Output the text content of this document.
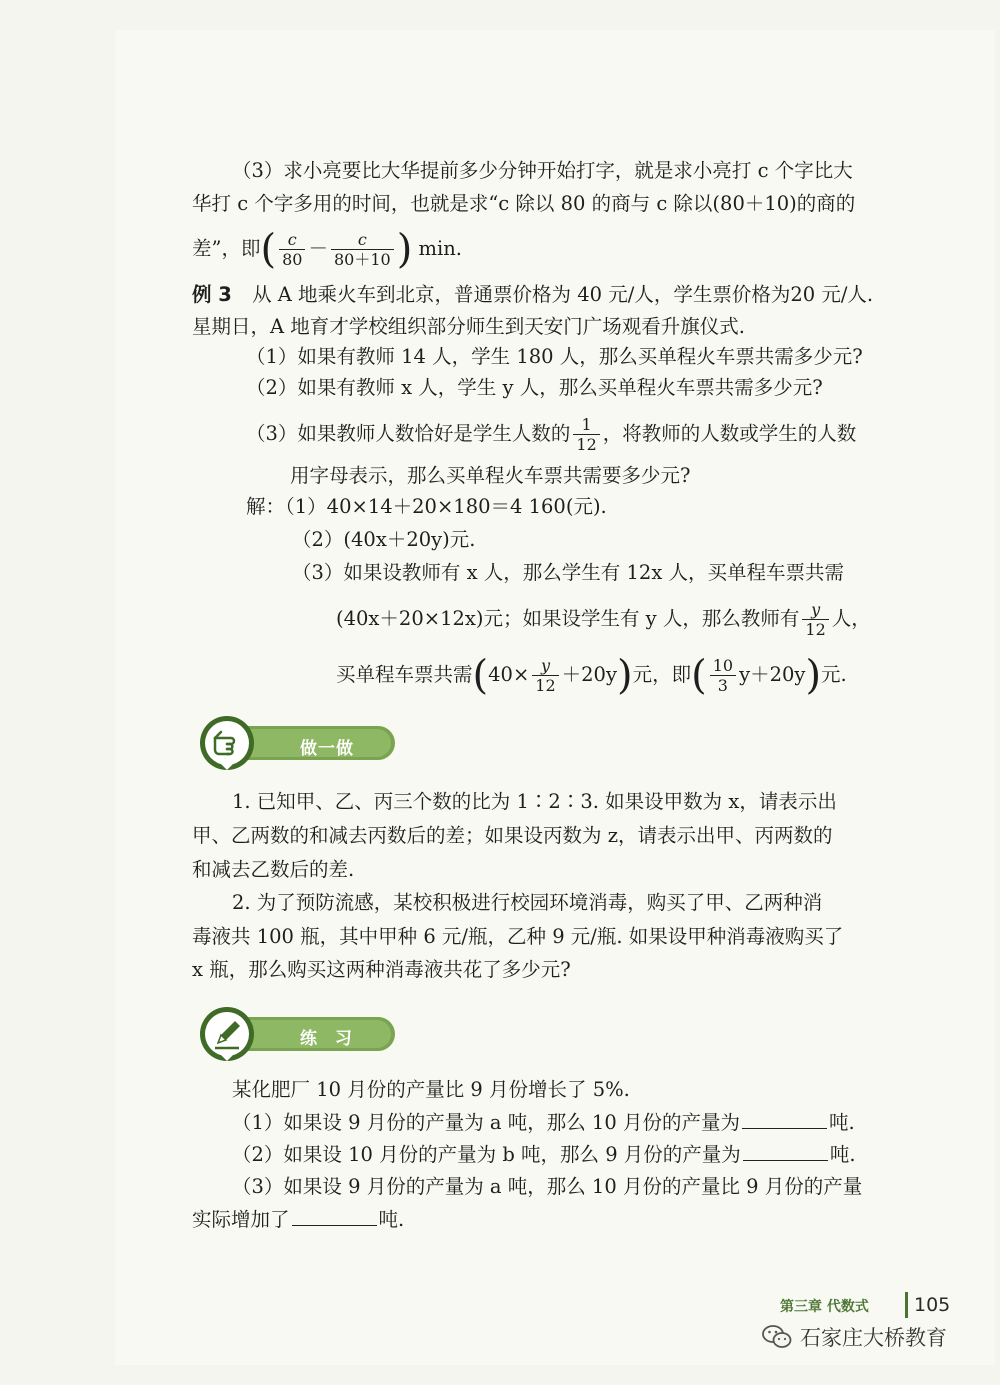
（3）求小亮要比大华提前多少分钟开始打字，就是求小亮打 c 个字比大

华打 c 个字多用的时间，也就是求“c 除以 80 的商与 c 除以(80＋10)的商的

差”，即( $\frac{c}{80} - \frac{c}{80+10}$ ) min.
例 3 从 A 地乘火车到北京，普通票价格为 40 元/人，学生票价格为20 元/人.

星期日，A 地育才学校组织部分师生到天安门广场观看升旗仪式.

（1）如果有教师 14 人，学生 180 人，那么买单程火车票共需多少元?

（2）如果有教师 x 人，学生 y 人，那么买单程火车票共需多少元?

（3）如果教师人数恰好是学生人数的 $\frac{1}{12}$ ，将教师的人数或学生的人数

用字母表示，那么买单程火车票共需要多少元?

解：（1）40×14＋20×180＝4 160(元).

（2）(40x＋20y)元.

（3）如果设教师有 x 人，那么学生有 12x 人，买单程车票共需

(40x＋20×12x)元；如果设学生有 y 人，那么教师有 $\frac{y}{12}$ 人，
买单程车票共需$(40\times \frac{y}{12} +20y)$元，即( $\frac{10}{3} y+20y$)元.
做一做

1. 已知甲、乙、丙三个数的比为 1∶2∶3. 如果设甲数为 x，请表示出

甲、乙两数的和减去丙数后的差；如果设丙数为 z，请表示出甲、丙两数的

和减去乙数后的差.

2. 为了预防流感，某校积极进行校园环境消毒，购买了甲、乙两种消

毒液共 100 瓶，其中甲种 6 元/瓶，乙种 9 元/瓶. 如果设甲种消毒液购买了

x 瓶，那么购买这两种消毒液共花了多少元?

练 习

某化肥厂 10 月份的产量比 9 月份增长了 5%.

（1）如果设 9 月份的产量为 a 吨，那么 10 月份的产量为	吨.
（2）如果设 10 月份的产量为 b 吨，那么 9 月份的产量为	吨.

（3）如果设 9 月份的产量为 a 吨，那么 10 月份的产量比 9 月份的产量

实际增加了	吨.
第三章 代数式 105
石家庄大桥教育
